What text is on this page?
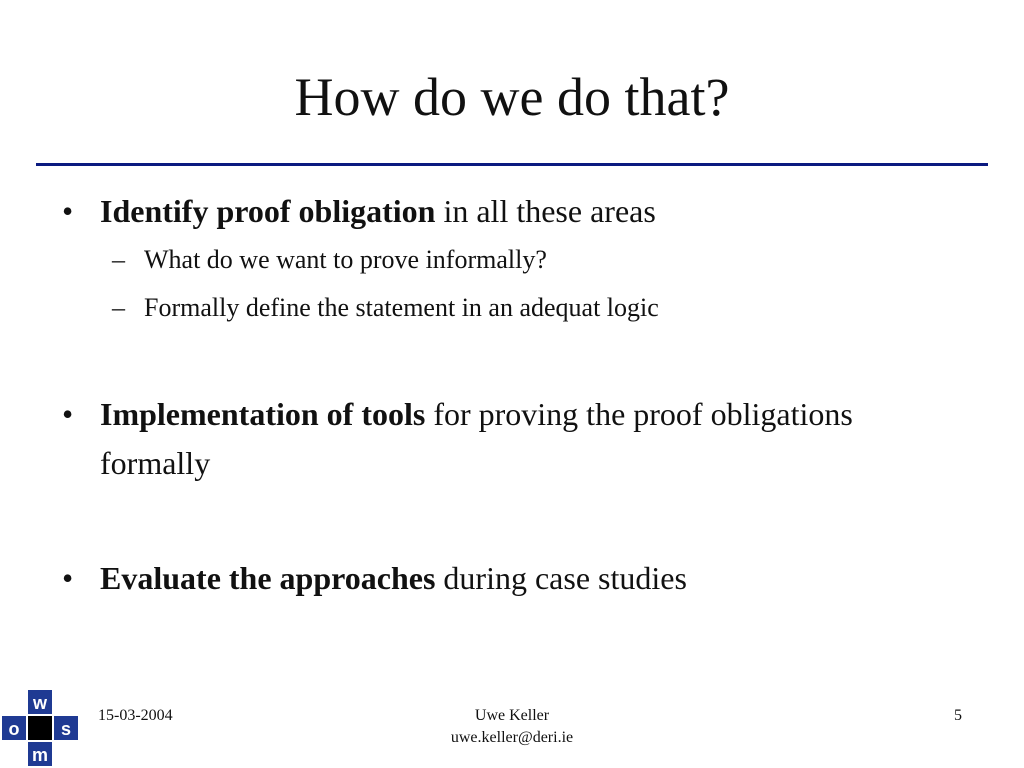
How do we do that?
• Identify proof obligation in all these areas
– What do we want to prove informally?
– Formally define the statement in an adequat logic
• Implementation of tools for proving the proof obligations formally
• Evaluate the approaches during case studies
w
s
m
o
15-03-2004	Uwe Keller
uwe.keller@deri.ie
5
